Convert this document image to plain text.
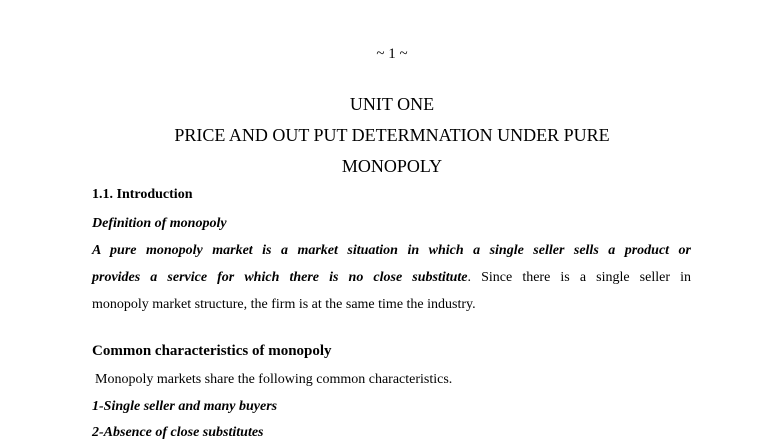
~ 1 ~
UNIT ONE
PRICE AND OUT PUT DETERMNATION UNDER PURE
MONOPOLY
1.1. Introduction
Definition of monopoly
A pure monopoly market is a market situation in which a single seller sells a product or
provides a service for which there is no close substitute. Since there is a single seller in
monopoly market structure, the firm is at the same time the industry.
Common characteristics of monopoly
Monopoly markets share the following common characteristics.
1-Single seller and many buyers
2-Absence of close substitutes
